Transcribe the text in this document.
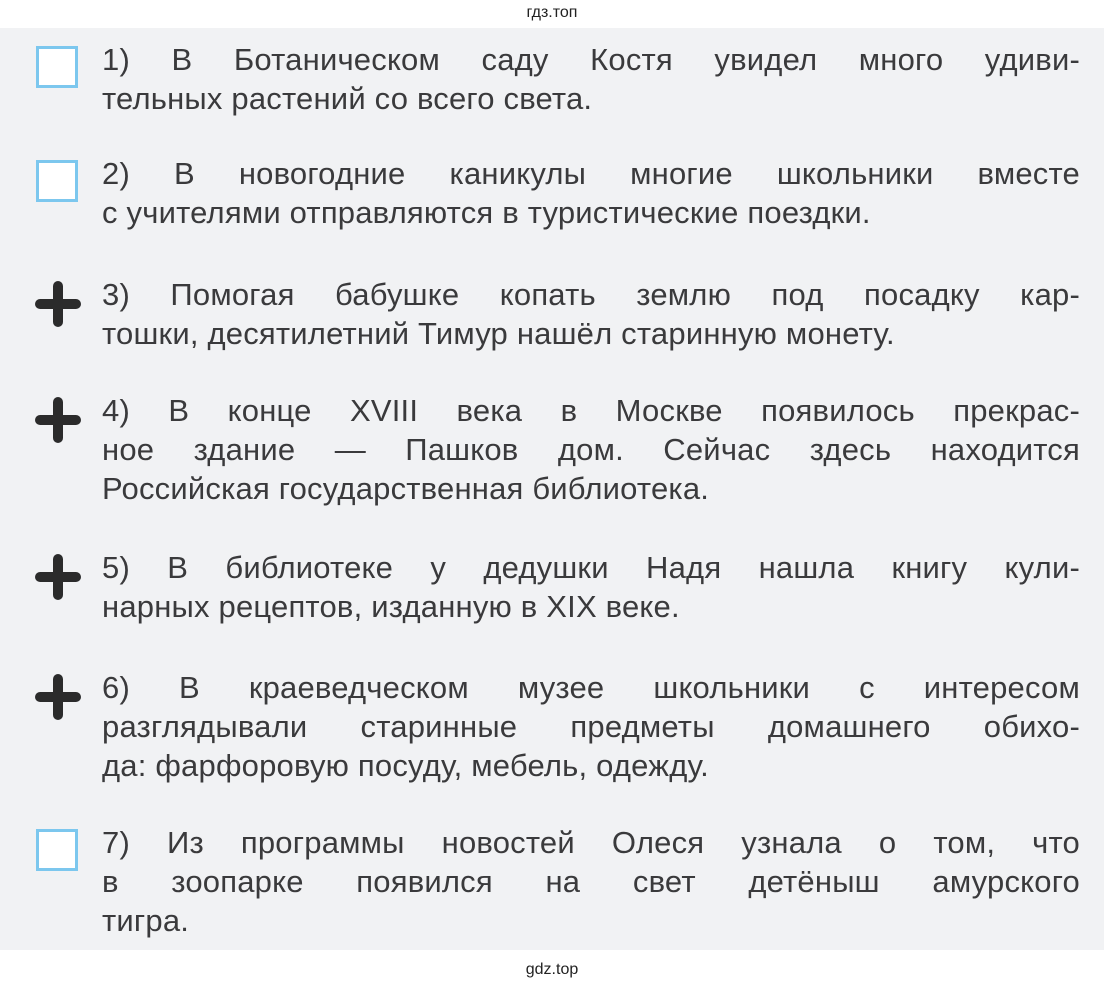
гдз.топ

1) В Ботаническом саду Костя увидел много удиви-
тельных растений со всего света.

2) В новогодние каникулы многие школьники вместе
с учителями отправляются в туристические поездки.

3) Помогая бабушке копать землю под посадку кар-
тошки, десятилетний Тимур нашёл старинную монету.

4) В конце XVIII века в Москве появилось прекрас-
ное здание — Пашков дом. Сейчас здесь находится
Российская государственная библиотека.

5) В библиотеке у дедушки Надя нашла книгу кули-
нарных рецептов, изданную в XIX веке.

6) В краеведческом музее школьники с интересом
разглядывали старинные предметы домашнего обихо-
да: фарфоровую посуду, мебель, одежду.

7) Из программы новостей Олеся узнала о том, что
в зоопарке появился на свет детёныш амурского
тигра.

gdz.top
